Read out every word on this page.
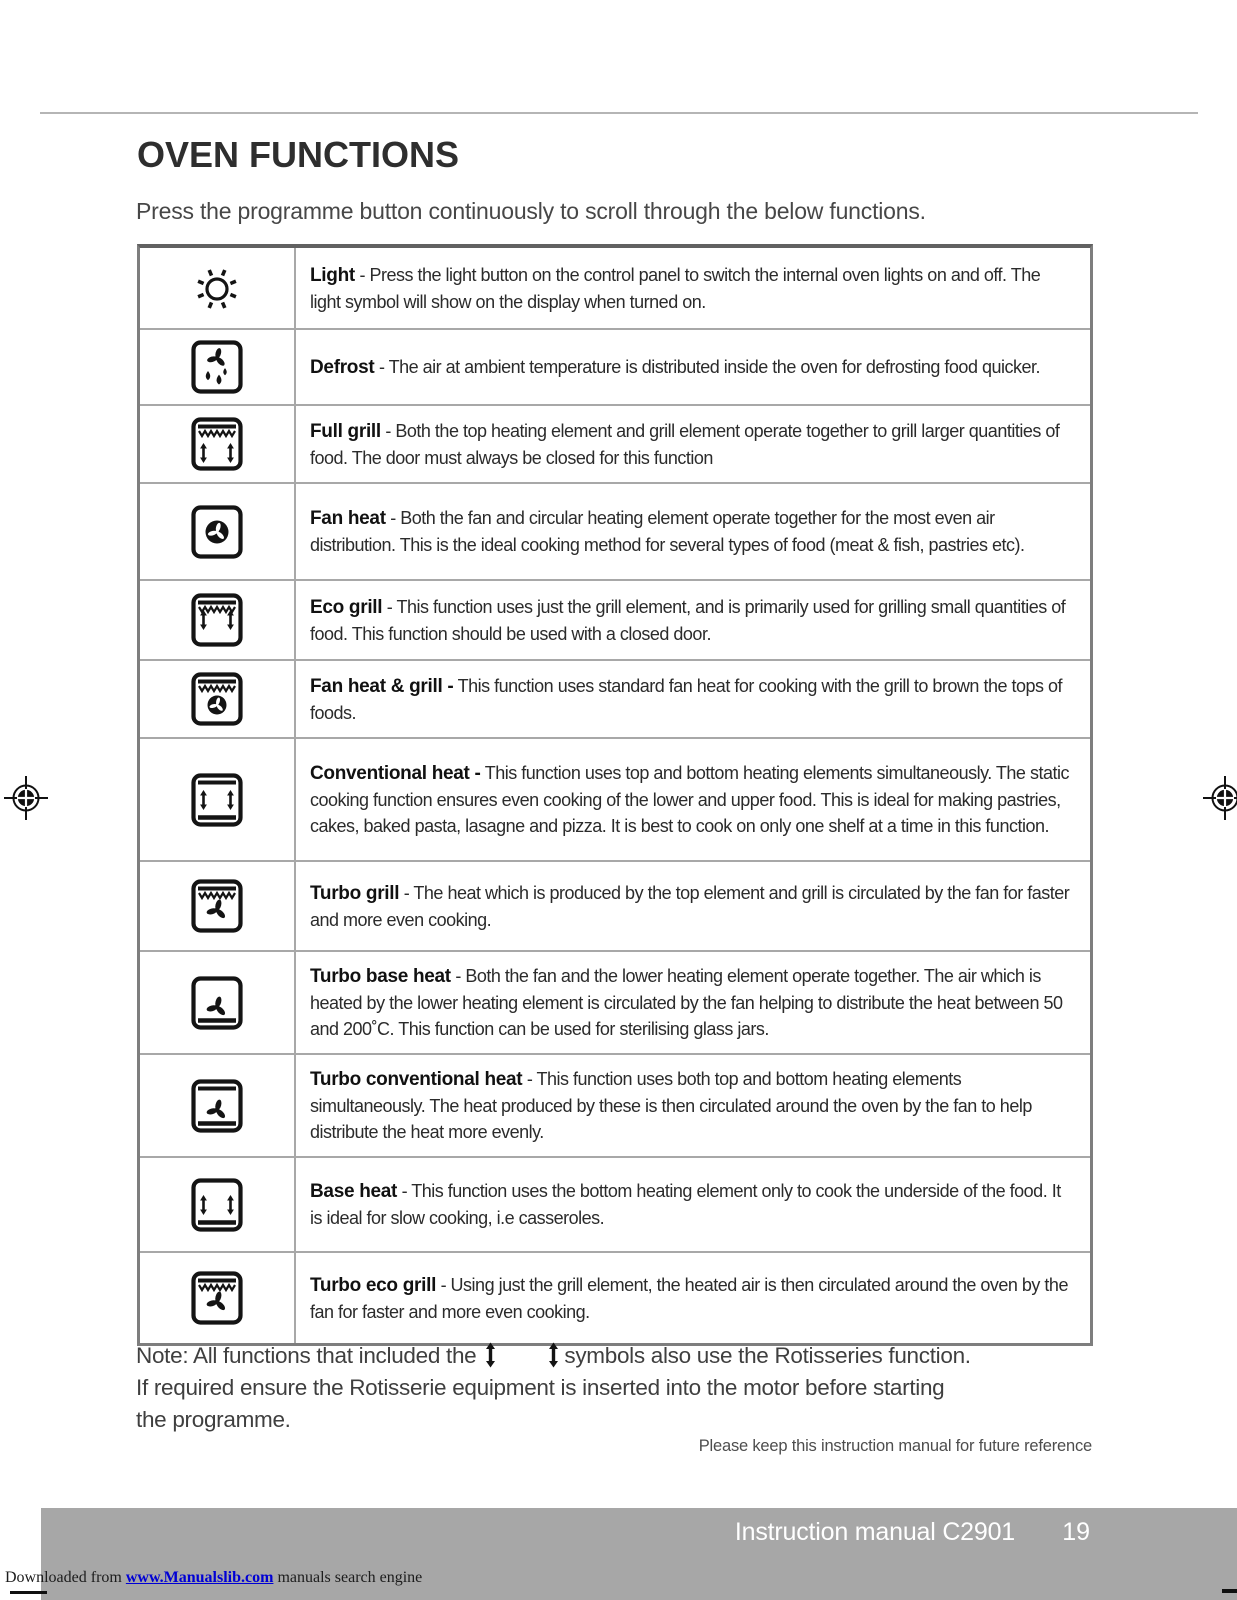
OVEN FUNCTIONS
Press the programme button continuously to scroll through the below functions.

Light - Press the light button on the control panel to switch the internal oven lights on and off. The light symbol will show on the display when turned on.

Defrost - The air at ambient temperature is distributed inside the oven for defrosting food quicker.

Full grill - Both the top heating element and grill element operate together to grill larger quantities of food. The door must always be closed for this function

Fan heat - Both the fan and circular heating element operate together for the most even air distribution. This is the ideal cooking method for several types of food (meat & fish, pastries etc).

Eco grill - This function uses just the grill element, and is primarily used for grilling small quantities of food. This function should be used with a closed door.

Fan heat & grill - This function uses standard fan heat for cooking with the grill to brown the tops of foods.

Conventional heat - This function uses top and bottom heating elements simultaneously. The static cooking function ensures even cooking of the lower and upper food. This is ideal for making pastries, cakes, baked pasta, lasagne and pizza. It is best to cook on only one shelf at a time in this function.

Turbo grill - The heat which is produced by the top element and grill is circulated by the fan for faster and more even cooking.

Turbo base heat - Both the fan and the lower heating element operate together. The air which is heated by the lower heating element is circulated by the fan helping to distribute the heat between 50 and 200˚C. This function can be used for sterilising glass jars.

Turbo conventional heat - This function uses both top and bottom heating elements simultaneously. The heat produced by these is then circulated around the oven by the fan to help distribute the heat more evenly.

Base heat - This function uses the bottom heating element only to cook the underside of the food. It is ideal for slow cooking, i.e casseroles.

Turbo eco grill - Using just the grill element, the heated air is then circulated around the oven by the fan for faster and more even cooking.

Note: All functions that included the	symbols also use the Rotisseries function.
If required ensure the Rotisserie equipment is inserted into the motor before starting
the programme.
Please keep this instruction manual for future reference
Instruction manual C2901 19
Downloaded from www.Manualslib.com manuals search engine
